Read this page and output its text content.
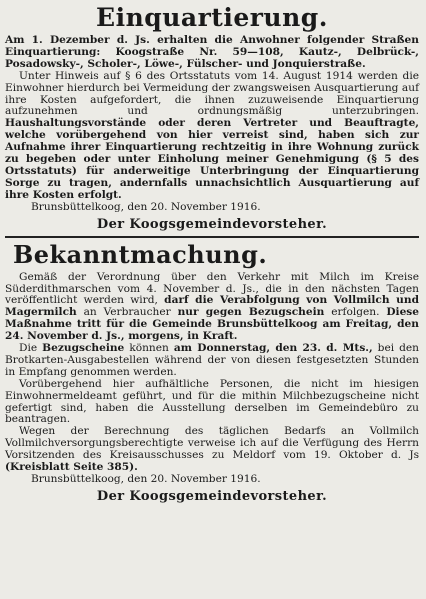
Einquartierung.

Am 1. Dezember d. Js. erhalten die Anwohner folgender Straßen Einquartierung: Koogstraße Nr. 59—108, Kautz-, Delbrück-, Posadowsky-, Scholer-, Löwe-, Fülscher- und Jonquierstraße.

Unter Hinweis auf § 6 des Ortsstatuts vom 14. August 1914 werden die Einwohner hierdurch bei Vermeidung der zwangsweisen Ausquartierung auf ihre Kosten aufgefordert, die ihnen zuzuweisende Einquartierung aufzunehmen und ordnungsmäßig unterzubringen. Haushaltungsvorstände oder deren Vertreter und Beauftragte, welche vorübergehend von hier verreist sind, haben sich zur Aufnahme ihrer Einquartierung rechtzeitig in ihre Wohnung zurück zu begeben oder unter Einholung meiner Genehmigung (§ 5 des Ortsstatuts) für anderweitige Unterbringung der Einquartierung Sorge zu tragen, andernfalls unnachsichtlich Ausquartierung auf ihre Kosten erfolgt.

Brunsbüttelkoog, den 20. November 1916.

Der Koogsgemeindevorsteher.
Bekanntmachung.

Gemäß der Verordnung über den Verkehr mit Milch im Kreise Süderdithmarschen vom 4. November d. Js., die in den nächsten Tagen veröffentlicht werden wird, darf die Verabfolgung von Vollmilch und Magermilch an Verbraucher nur gegen Bezugschein erfolgen. Diese Maßnahme tritt für die Gemeinde Brunsbüttelkoog am Freitag, den 24. November d. Js., morgens, in Kraft.

Die Bezugscheine können am Donnerstag, den 23. d. Mts., bei den Brotkarten-Ausgabestellen während der von diesen festgesetzten Stunden in Empfang genommen werden.

Vorübergehend hier aufhältliche Personen, die nicht im hiesigen Einwohnermeldeamt geführt, und für die mithin Milchbezugscheine nicht gefertigt sind, haben die Ausstellung derselben im Gemeindebüro zu beantragen.

Wegen der Berechnung des täglichen Bedarfs an Vollmilch Vollmilchversorgungsberechtigte verweise ich auf die Verfügung des Herrn Vorsitzenden des Kreisausschusses zu Meldorf vom 19. Oktober d. Js (Kreisblatt Seite 385).

Brunsbüttelkoog, den 20. November 1916.

Der Koogsgemeindevorsteher.
